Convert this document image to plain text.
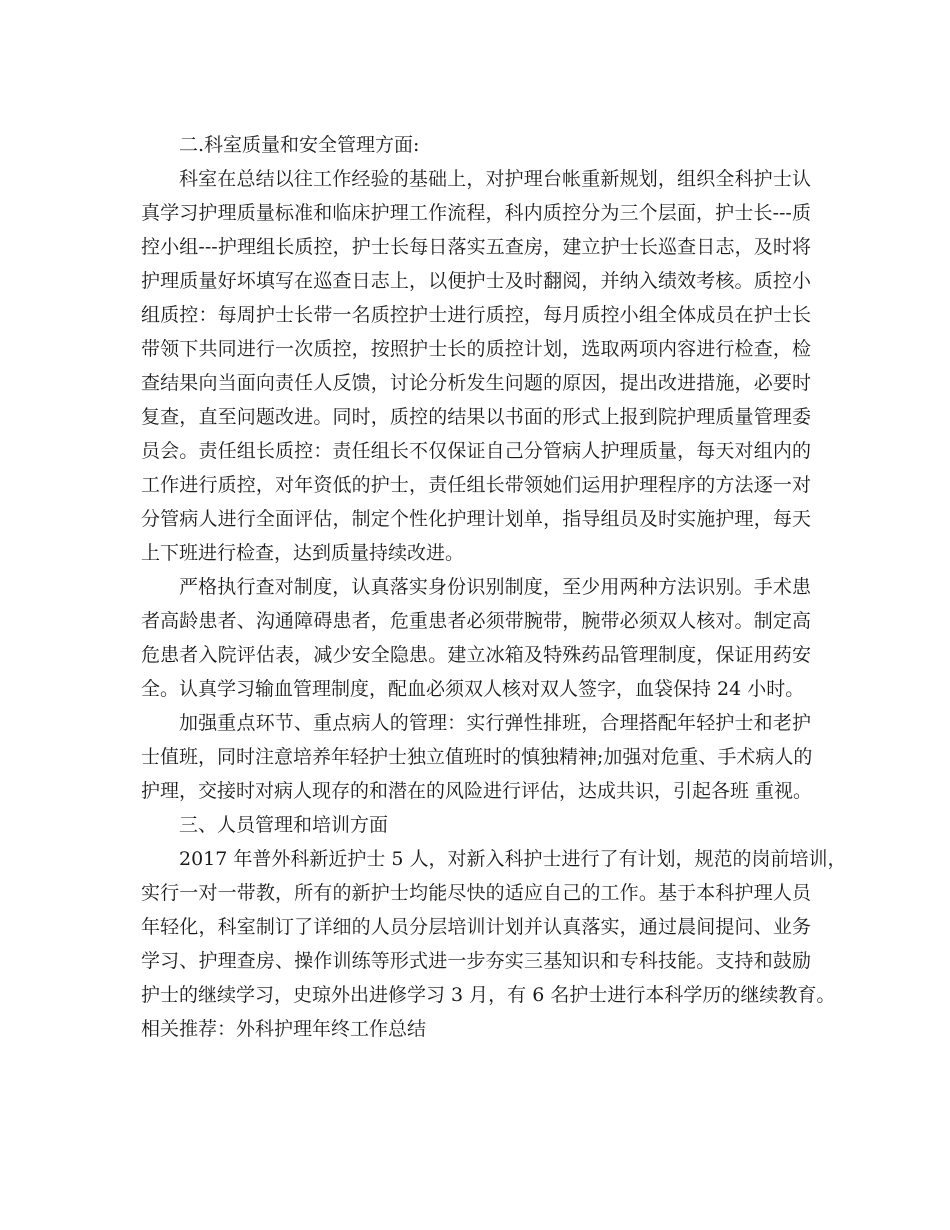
二.科室质量和安全管理方面:
科室在总结以往工作经验的基础上，对护理台帐重新规划，组织全科护士认
真学习护理质量标准和临床护理工作流程，科内质控分为三个层面，护士长---质
控小组---护理组长质控，护士长每日落实五查房，建立护士长巡查日志，及时将
护理质量好坏填写在巡查日志上，以便护士及时翻阅，并纳入绩效考核。质控小
组质控：每周护士长带一名质控护士进行质控，每月质控小组全体成员在护士长
带领下共同进行一次质控，按照护士长的质控计划，选取两项内容进行检查，检
查结果向当面向责任人反馈，讨论分析发生问题的原因，提出改进措施，必要时
复查，直至问题改进。同时，质控的结果以书面的形式上报到院护理质量管理委
员会。责任组长质控：责任组长不仅保证自己分管病人护理质量，每天对组内的
工作进行质控，对年资低的护士，责任组长带领她们运用护理程序的方法逐一对
分管病人进行全面评估，制定个性化护理计划单，指导组员及时实施护理，每天
上下班进行检查，达到质量持续改进。
严格执行查对制度，认真落实身份识别制度，至少用两种方法识别。手术患
者高龄患者、沟通障碍患者，危重患者必须带腕带，腕带必须双人核对。制定高
危患者入院评估表，减少安全隐患。建立冰箱及特殊药品管理制度，保证用药安
全。认真学习输血管理制度，配血必须双人核对双人签字，血袋保持 24 小时。
加强重点环节、重点病人的管理：实行弹性排班，合理搭配年轻护士和老护
士值班，同时注意培养年轻护士独立值班时的慎独精神;加强对危重、手术病人的
护理，交接时对病人现存的和潜在的风险进行评估，达成共识，引起各班 重视。
三、人员管理和培训方面
2017 年普外科新近护士 5 人，对新入科护士进行了有计划，规范的岗前培训，
实行一对一带教，所有的新护士均能尽快的适应自己的工作。基于本科护理人员
年轻化，科室制订了详细的人员分层培训计划并认真落实，通过晨间提问、业务
学习、护理查房、操作训练等形式进一步夯实三基知识和专科技能。支持和鼓励
护士的继续学习，史琼外出进修学习 3 月，有 6 名护士进行本科学历的继续教育。
相关推荐：外科护理年终工作总结
